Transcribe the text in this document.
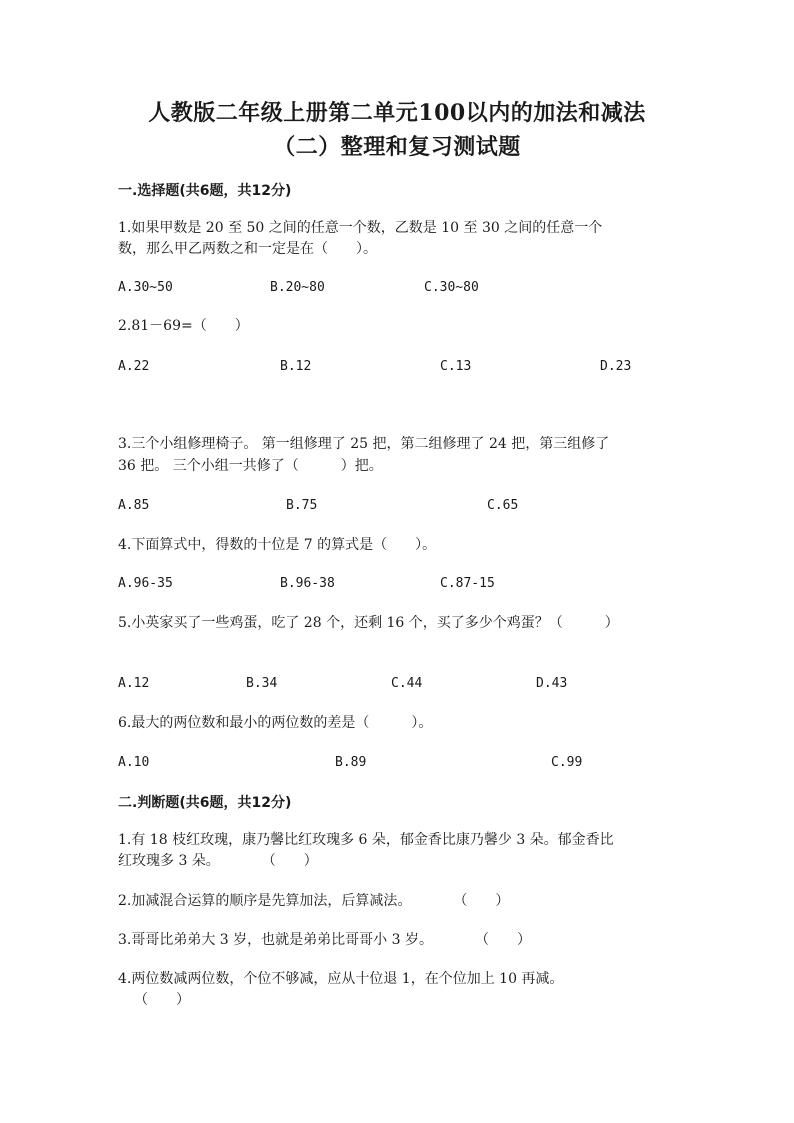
人教版二年级上册第二单元100以内的加法和减法
（二）整理和复习测试题
一.选择题(共6题，共12分)
1.如果甲数是 20 至 50 之间的任意一个数，乙数是 10 至 30 之间的任意一个
数，那么甲乙两数之和一定是在（　　）。
A.30~50	B.20~80	C.30~80
2.81－69=（　　）
A.22	B.12	C.13	D.23
3.三个小组修理椅子。 第一组修理了 25 把，第二组修理了 24 把，第三组修了
36 把。 三个小组一共修了（　　　）把。
A.85	B.75	C.65
4.下面算式中，得数的十位是 7 的算式是（　　）。
A.96-35	B.96-38	C.87-15
5.小英家买了一些鸡蛋，吃了 28 个，还剩 16 个，买了多少个鸡蛋？（　　　）
A.12	B.34	C.44	D.43
6.最大的两位数和最小的两位数的差是（　　　）。
A.10	B.89	C.99
二.判断题(共6题，共12分)
1.有 18 枝红玫瑰，康乃馨比红玫瑰多 6 朵，郁金香比康乃馨少 3 朵。郁金香比
红玫瑰多 3 朵。　　　　（　　）
2.加减混合运算的顺序是先算加法，后算减法。　　　　（　　）
3.哥哥比弟弟大 3 岁，也就是弟弟比哥哥小 3 岁。　　　　（　　）
4.两位数减两位数，个位不够减，应从十位退 1，在个位加上 10 再减。
（　　）
